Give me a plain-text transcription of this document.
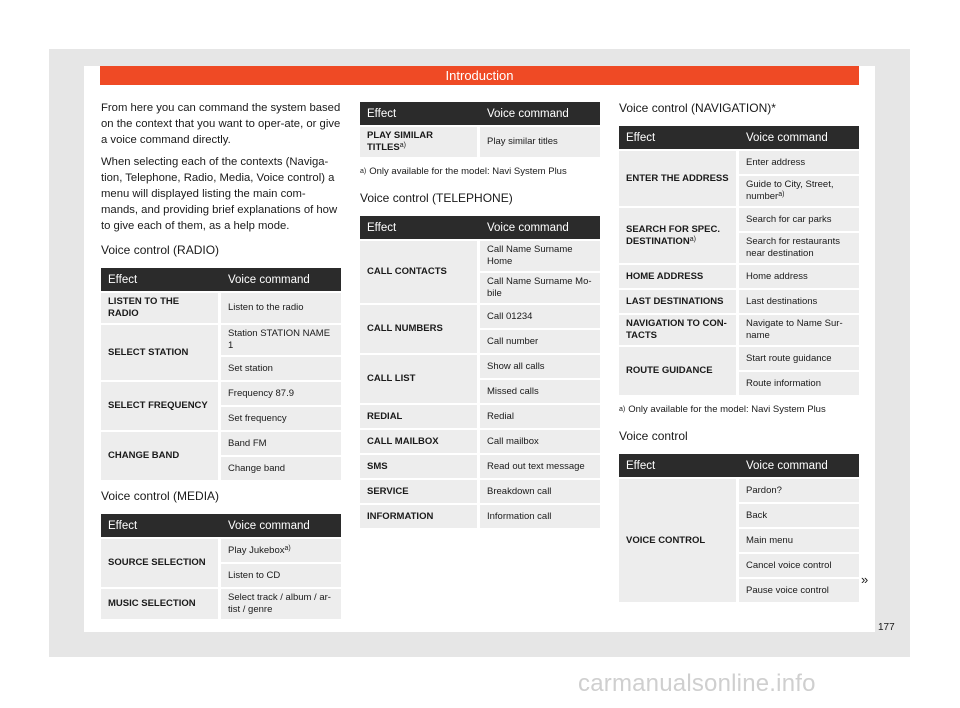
Introduction

From here you can command the system based on the context that you want to oper-ate, or give a voice command directly.

When selecting each of the contexts (Naviga-tion, Telephone, Radio, Media, Voice control) a menu will displayed listing the main com-mands, and providing brief explanations of how to give each of them, as a help mode.

Voice control (RADIO)
Effect	Voice command
LISTEN TO THE RADIO	Listen to the radio
SELECT STATION	Station STATION NAME 1
	Set station
SELECT FREQUENCY	Frequency 87.9
	Set frequency
CHANGE BAND	Band FM
	Change band
Voice control (MEDIA)
Effect	Voice command
SOURCE SELECTION	Play Jukebox$^{a)}$
	Listen to CD
MUSIC SELECTION	Select track / album / ar-tist / genre
Effect	Voice command
PLAY SIMILAR TITLES$^{a)}$	Play similar titles
$^{a)}$ Only available for the model: Navi System Plus
Voice control (TELEPHONE)
Effect	Voice command
CALL CONTACTS	Call Name Surname Home
	Call Name Surname Mo-bile
CALL NUMBERS	Call 01234
	Call number
CALL LIST	Show all calls
	Missed calls
REDIAL	Redial
CALL MAILBOX	Call mailbox
SMS	Read out text message
SERVICE	Breakdown call
INFORMATION	Information call
Voice control (NAVIGATION)*
Effect	Voice command
ENTER THE ADDRESS	Enter address
	Guide to City, Street, number$^{a)}$
SEARCH FOR SPEC. DESTINATION$^{a)}$	Search for car parks
	Search for restaurants near destination
HOME ADDRESS	Home address
LAST DESTINATIONS	Last destinations
NAVIGATION TO CON-TACTS	Navigate to Name Sur-name
ROUTE GUIDANCE	Start route guidance
	Route information
$^{a)}$ Only available for the model: Navi System Plus
Voice control
Effect	Voice command
VOICE CONTROL	Pardon?
	Back
	Main menu
	Cancel voice control
	Pause voice control
»
177
carmanualsonline.info
